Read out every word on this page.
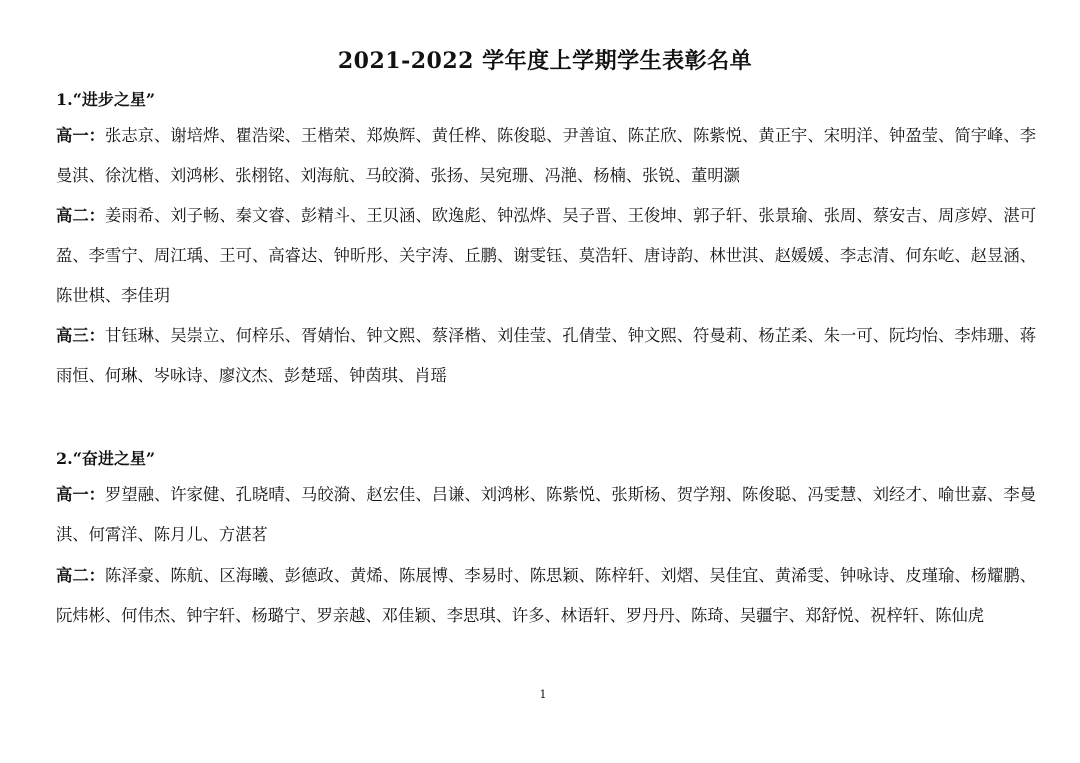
2021-2022 学年度上学期学生表彰名单
1.“进步之星”
高一：张志京、谢培烨、瞿浩梁、王楷荣、郑焕辉、黄任桦、陈俊聪、尹善谊、陈芷欣、陈紫悦、黄正宇、宋明洋、钟盈莹、简宇峰、李曼淇、徐沈楷、刘鸿彬、张栩铭、刘海航、马皎漪、张扬、吴宛珊、冯滟、杨楠、张锐、董明灏
高二：姜雨希、刘子畅、秦文睿、彭精斗、王贝涵、欧逸彪、钟泓烨、吴子晋、王俊坤、郭子轩、张景瑜、张周、蔡安吉、周彦婷、湛可盈、李雪宁、周江瑀、王可、高睿达、钟昕彤、关宇涛、丘鹏、谢雯钰、莫浩轩、唐诗韵、林世淇、赵媛媛、李志清、何东屹、赵昱涵、陈世棋、李佳玥
高三：甘钰琳、吴崇立、何梓乐、胥婧怡、钟文熙、蔡泽楷、刘佳莹、孔倩莹、钟文熙、符曼莉、杨芷柔、朱一可、阮均怡、李炜珊、蒋雨恒、何琳、岑咏诗、廖汶杰、彭楚瑶、钟茵琪、肖瑶
2.“奋进之星”
高一：罗望融、许家健、孔晓晴、马皎漪、赵宏佳、吕谦、刘鸿彬、陈紫悦、张斯杨、贺学翔、陈俊聪、冯雯慧、刘经才、喻世嘉、李曼淇、何霄洋、陈月儿、方湛茗
高二：陈泽豪、陈航、区海曦、彭德政、黄烯、陈展博、李易时、陈思颖、陈梓轩、刘熠、吴佳宜、黄浠雯、钟咏诗、皮瑾瑜、杨耀鹏、阮炜彬、何伟杰、钟宇轩、杨璐宁、罗亲越、邓佳颖、李思琪、许多、林语轩、罗丹丹、陈琦、吴疆宇、郑舒悦、祝梓轩、陈仙虎
1
